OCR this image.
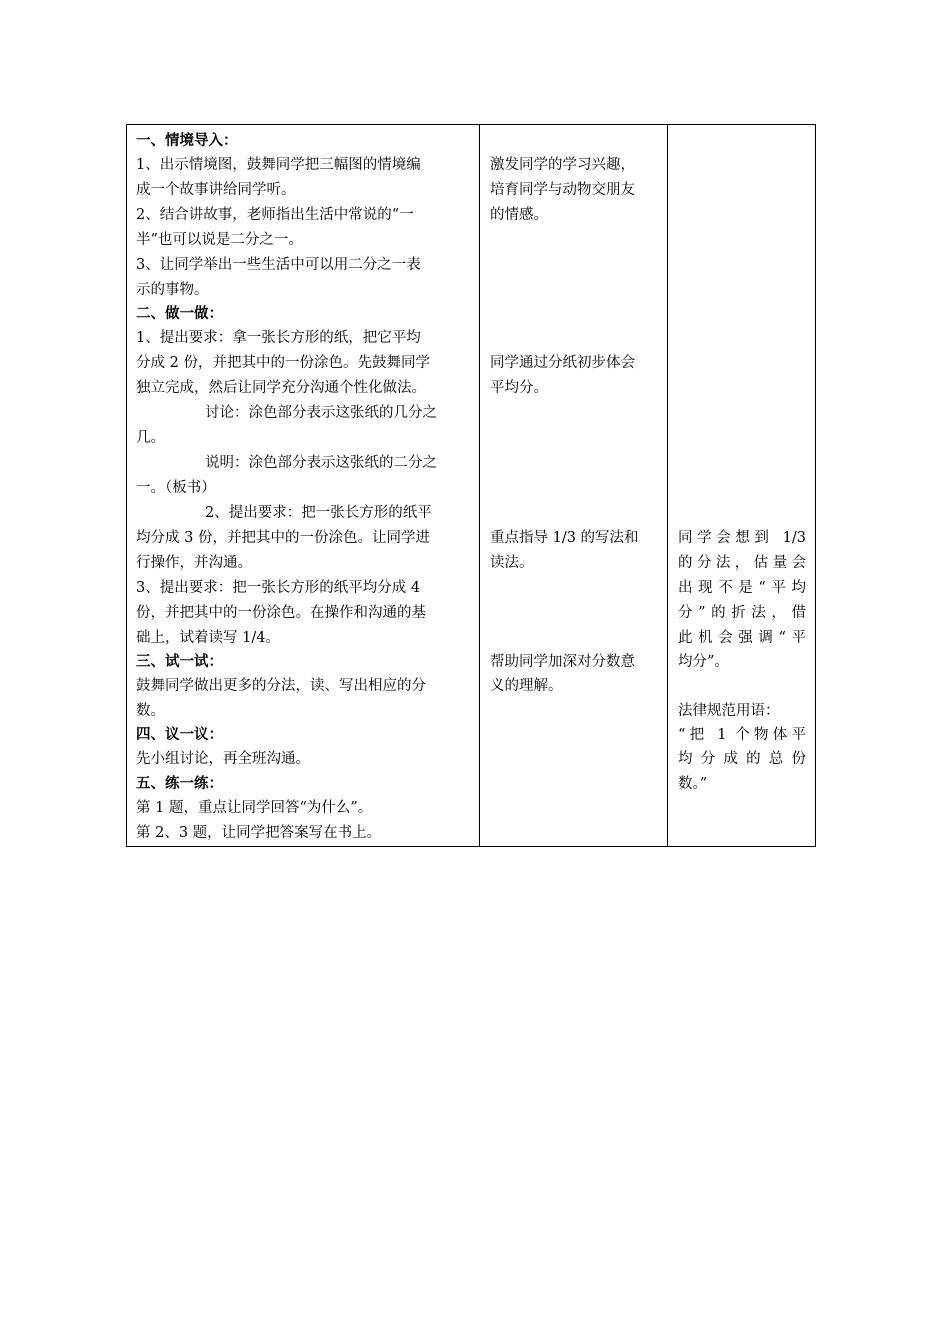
一、情境导入：
1、出示情境图，鼓舞同学把三幅图的情境编
成一个故事讲给同学听。
2、结合讲故事，老师指出生活中常说的“一
半”也可以说是二分之一。
3、让同学举出一些生活中可以用二分之一表
示的事物。
二、做一做：
1、提出要求：拿一张长方形的纸，把它平均
分成 2 份，并把其中的一份涂色。先鼓舞同学
独立完成，然后让同学充分沟通个性化做法。
讨论：涂色部分表示这张纸的几分之
几。
说明：涂色部分表示这张纸的二分之
一。（板书）
2、提出要求：把一张长方形的纸平
均分成 3 份，并把其中的一份涂色。让同学进
行操作，并沟通。
3、提出要求：把一张长方形的纸平均分成 4
份，并把其中的一份涂色。在操作和沟通的基
础上，试着读写 1/4。
三、试一试：
鼓舞同学做出更多的分法，读、写出相应的分
数。
四、议一议：
先小组讨论，再全班沟通。
五、练一练：
第 1 题，重点让同学回答“为什么”。
第 2、3 题，让同学把答案写在书上。
激发同学的学习兴趣，
培育同学与动物交朋友
的情感。
同学通过分纸初步体会
平均分。
重点指导 1/3 的写法和
读法。
帮助同学加深对分数意
义的理解。
同学会想到 1/3
的分法，估量会
出现不是“平均
分”的折法，借
此机会强调“平
均分”。
法律规范用语：
“把 1 个物体平
均分成的总份
数。”
